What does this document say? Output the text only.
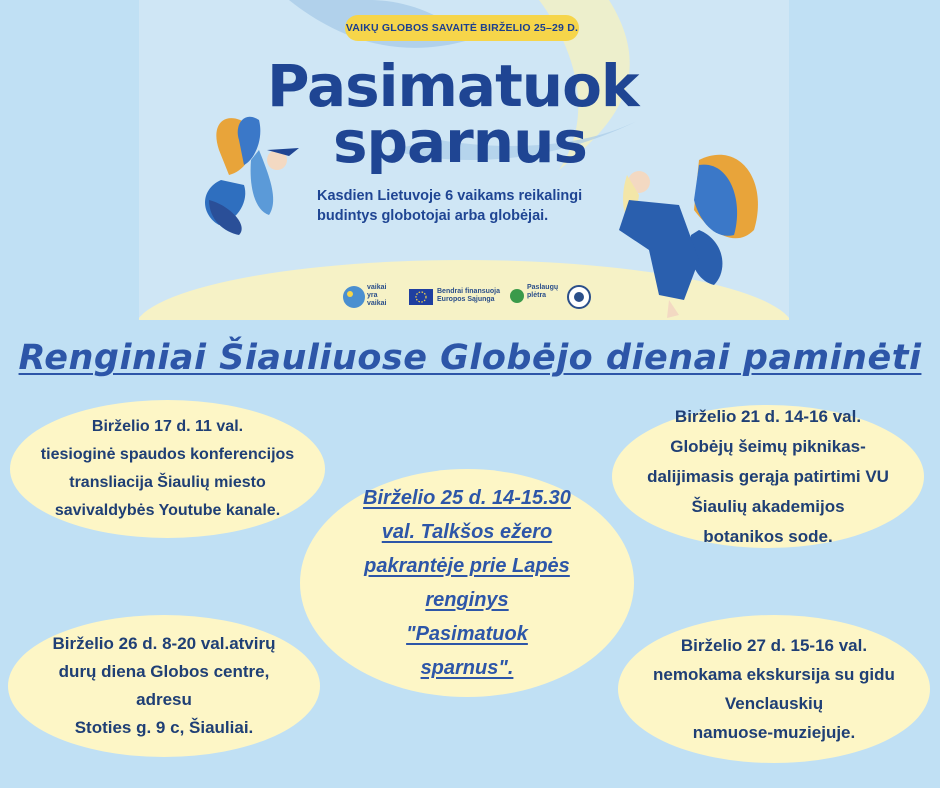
VAIKŲ GLOBOS SAVAITĖ BIRŽELIO 25–29 D.
Pasimatuok
sparnus
Kasdien Lietuvoje 6 vaikams reikalingi budintys globotojai arba globėjai.
vaikai
yra
vaikai
Bendrai finansuoja
Europos Sąjunga
Paslaugų
plėtra
Renginiai Šiauliuose Globėjo dienai paminėti
Birželio 17 d. 11 val.
tiesioginė spaudos konferencijos
transliacija Šiaulių miesto
savivaldybės Youtube kanale.
Birželio 21 d. 14-16 val.
Globėjų šeimų piknikas-
dalijimasis gerąja patirtimi VU
Šiaulių akademijos
botanikos sode.
Birželio 25 d. 14-15.30
val. Talkšos ežero
pakrantėje prie Lapės
renginys
"Pasimatuok
sparnus".
Birželio 26 d. 8-20 val.atvirų
durų diena Globos centre,
adresu
Stoties g. 9 c, Šiauliai.
Birželio 27 d. 15-16 val.
nemokama ekskursija su gidu
Venclauskių
namuose-muziejuje.
